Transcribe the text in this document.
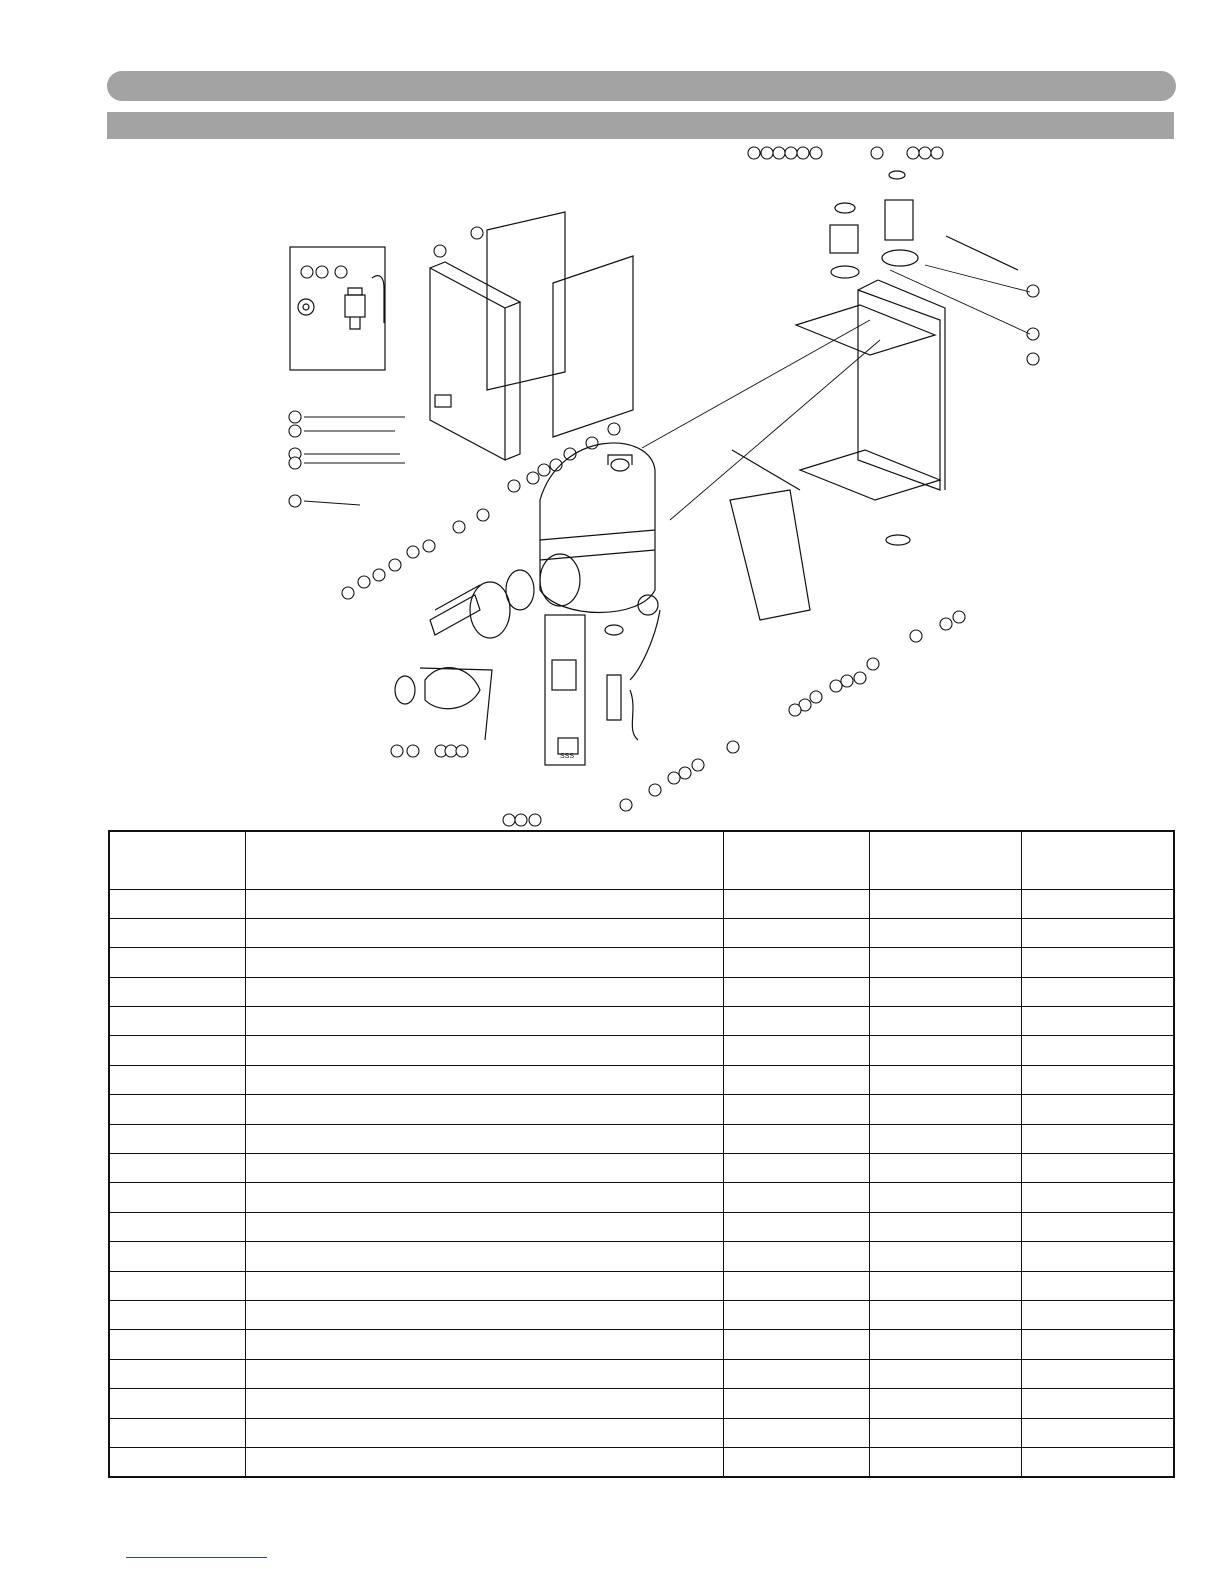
SSS
